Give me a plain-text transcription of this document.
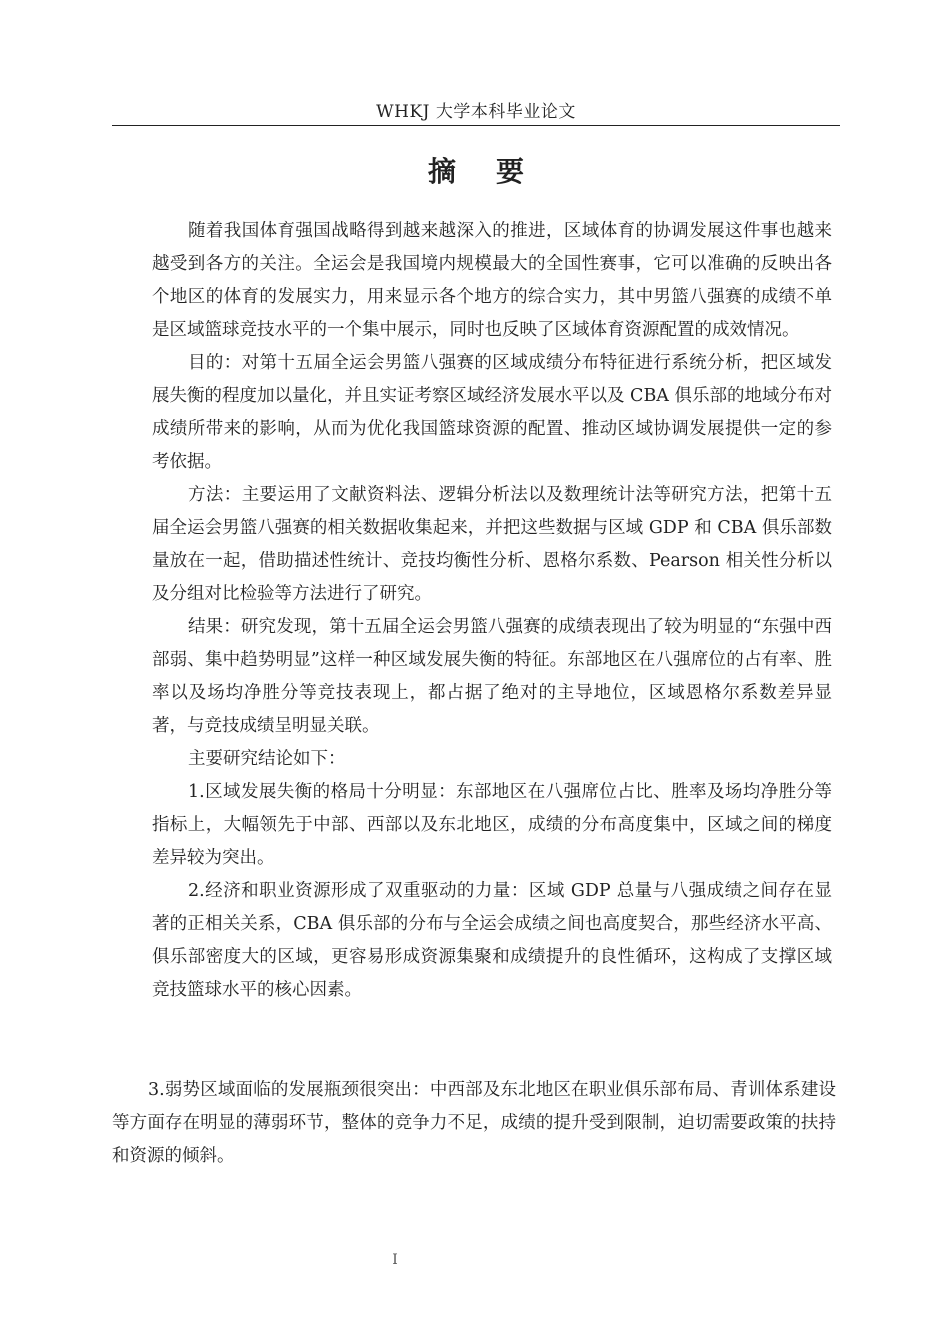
WHKJ 大学本科毕业论文
摘要

随着我国体育强国战略得到越来越深入的推进，区域体育的协调发展这件事也越来越受到各方的关注。全运会是我国境内规模最大的全国性赛事，它可以准确的反映出各个地区的体育的发展实力，用来显示各个地方的综合实力，其中男篮八强赛的成绩不单是区域篮球竞技水平的一个集中展示，同时也反映了区域体育资源配置的成效情况。

目的：对第十五届全运会男篮八强赛的区域成绩分布特征进行系统分析，把区域发展失衡的程度加以量化，并且实证考察区域经济发展水平以及 CBA 俱乐部的地域分布对成绩所带来的影响，从而为优化我国篮球资源的配置、推动区域协调发展提供一定的参考依据。

方法：主要运用了文献资料法、逻辑分析法以及数理统计法等研究方法，把第十五届全运会男篮八强赛的相关数据收集起来，并把这些数据与区域 GDP 和 CBA 俱乐部数量放在一起，借助描述性统计、竞技均衡性分析、恩格尔系数、Pearson 相关性分析以及分组对比检验等方法进行了研究。

结果：研究发现，第十五届全运会男篮八强赛的成绩表现出了较为明显的“东强中西部弱、集中趋势明显”这样一种区域发展失衡的特征。东部地区在八强席位的占有率、胜率以及场均净胜分等竞技表现上，都占据了绝对的主导地位，区域恩格尔系数差异显著，与竞技成绩呈明显关联。

主要研究结论如下：

1.区域发展失衡的格局十分明显：东部地区在八强席位占比、胜率及场均净胜分等指标上，大幅领先于中部、西部以及东北地区，成绩的分布高度集中，区域之间的梯度差异较为突出。

2.经济和职业资源形成了双重驱动的力量：区域 GDP 总量与八强成绩之间存在显著的正相关关系，CBA 俱乐部的分布与全运会成绩之间也高度契合，那些经济水平高、俱乐部密度大的区域，更容易形成资源集聚和成绩提升的良性循环，这构成了支撑区域竞技篮球水平的核心因素。

3.弱势区域面临的发展瓶颈很突出：中西部及东北地区在职业俱乐部布局、青训体系建设等方面存在明显的薄弱环节，整体的竞争力不足，成绩的提升受到限制，迫切需要政策的扶持和资源的倾斜。

I
